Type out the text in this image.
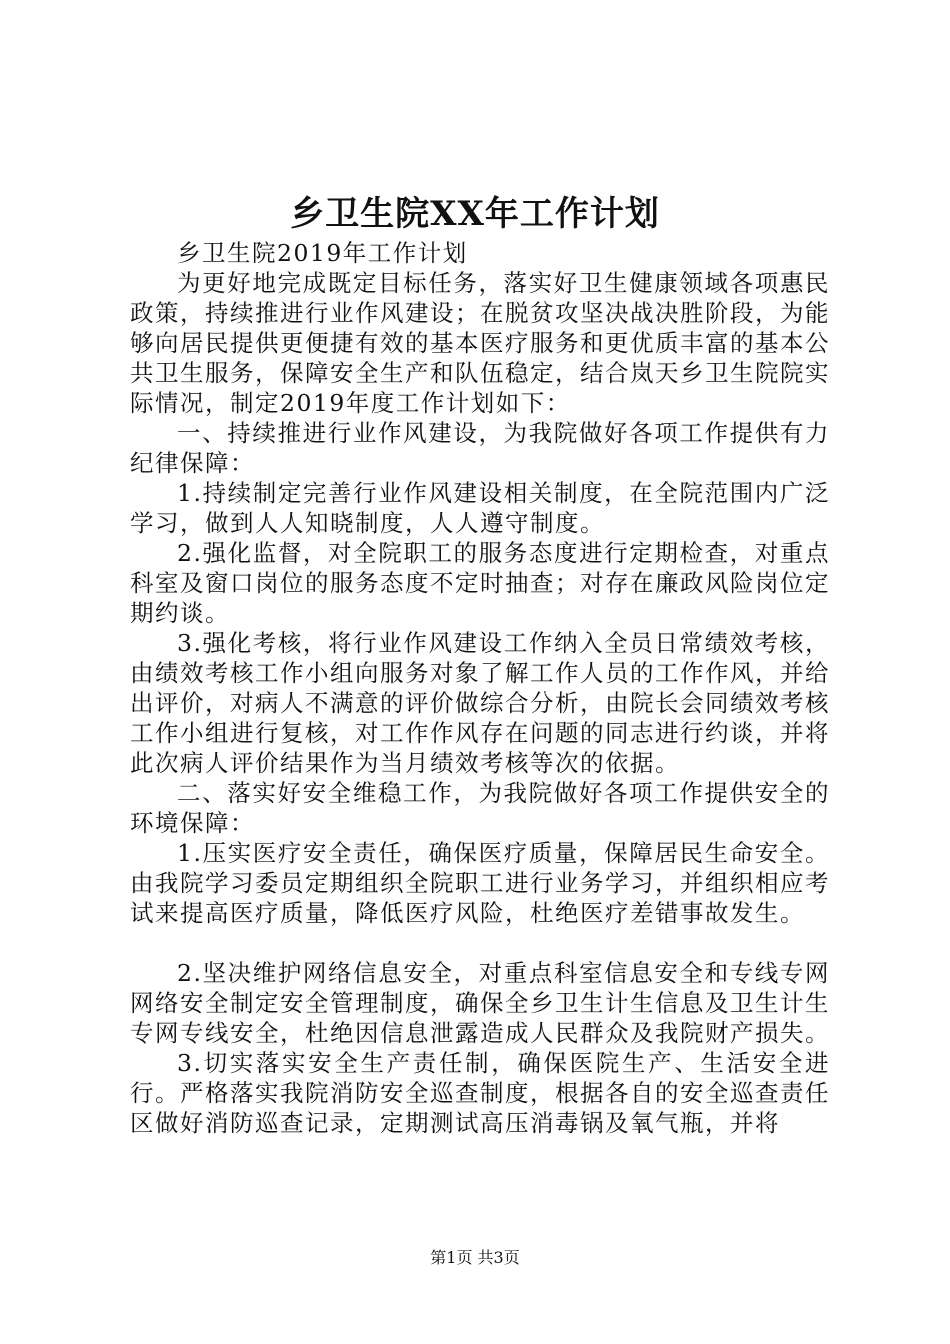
乡卫生院XX年工作计划

乡卫生院2019年工作计划

为更好地完成既定目标任务，落实好卫生健康领域各项惠民政策，持续推进行业作风建设；在脱贫攻坚决战决胜阶段，为能够向居民提供更便捷有效的基本医疗服务和更优质丰富的基本公共卫生服务，保障安全生产和队伍稳定，结合岚天乡卫生院院实际情况，制定2019年度工作计划如下：

一、持续推进行业作风建设，为我院做好各项工作提供有力纪律保障：

1.持续制定完善行业作风建设相关制度，在全院范围内广泛学习，做到人人知晓制度，人人遵守制度。

2.强化监督，对全院职工的服务态度进行定期检查，对重点科室及窗口岗位的服务态度不定时抽查；对存在廉政风险岗位定期约谈。

3.强化考核，将行业作风建设工作纳入全员日常绩效考核，由绩效考核工作小组向服务对象了解工作人员的工作作风，并给出评价，对病人不满意的评价做综合分析，由院长会同绩效考核工作小组进行复核，对工作作风存在问题的同志进行约谈，并将此次病人评价结果作为当月绩效考核等次的依据。

二、落实好安全维稳工作，为我院做好各项工作提供安全的环境保障：

1.压实医疗安全责任，确保医疗质量，保障居民生命安全。由我院学习委员定期组织全院职工进行业务学习，并组织相应考试来提高医疗质量，降低医疗风险，杜绝医疗差错事故发生。

2.坚决维护网络信息安全，对重点科室信息安全和专线专网网络安全制定安全管理制度，确保全乡卫生计生信息及卫生计生专网专线安全，杜绝因信息泄露造成人民群众及我院财产损失。

3.切实落实安全生产责任制，确保医院生产、生活安全进行。严格落实我院消防安全巡查制度，根据各自的安全巡查责任区做好消防巡查记录，定期测试高压消毒锅及氧气瓶，并将

第1页 共3页
